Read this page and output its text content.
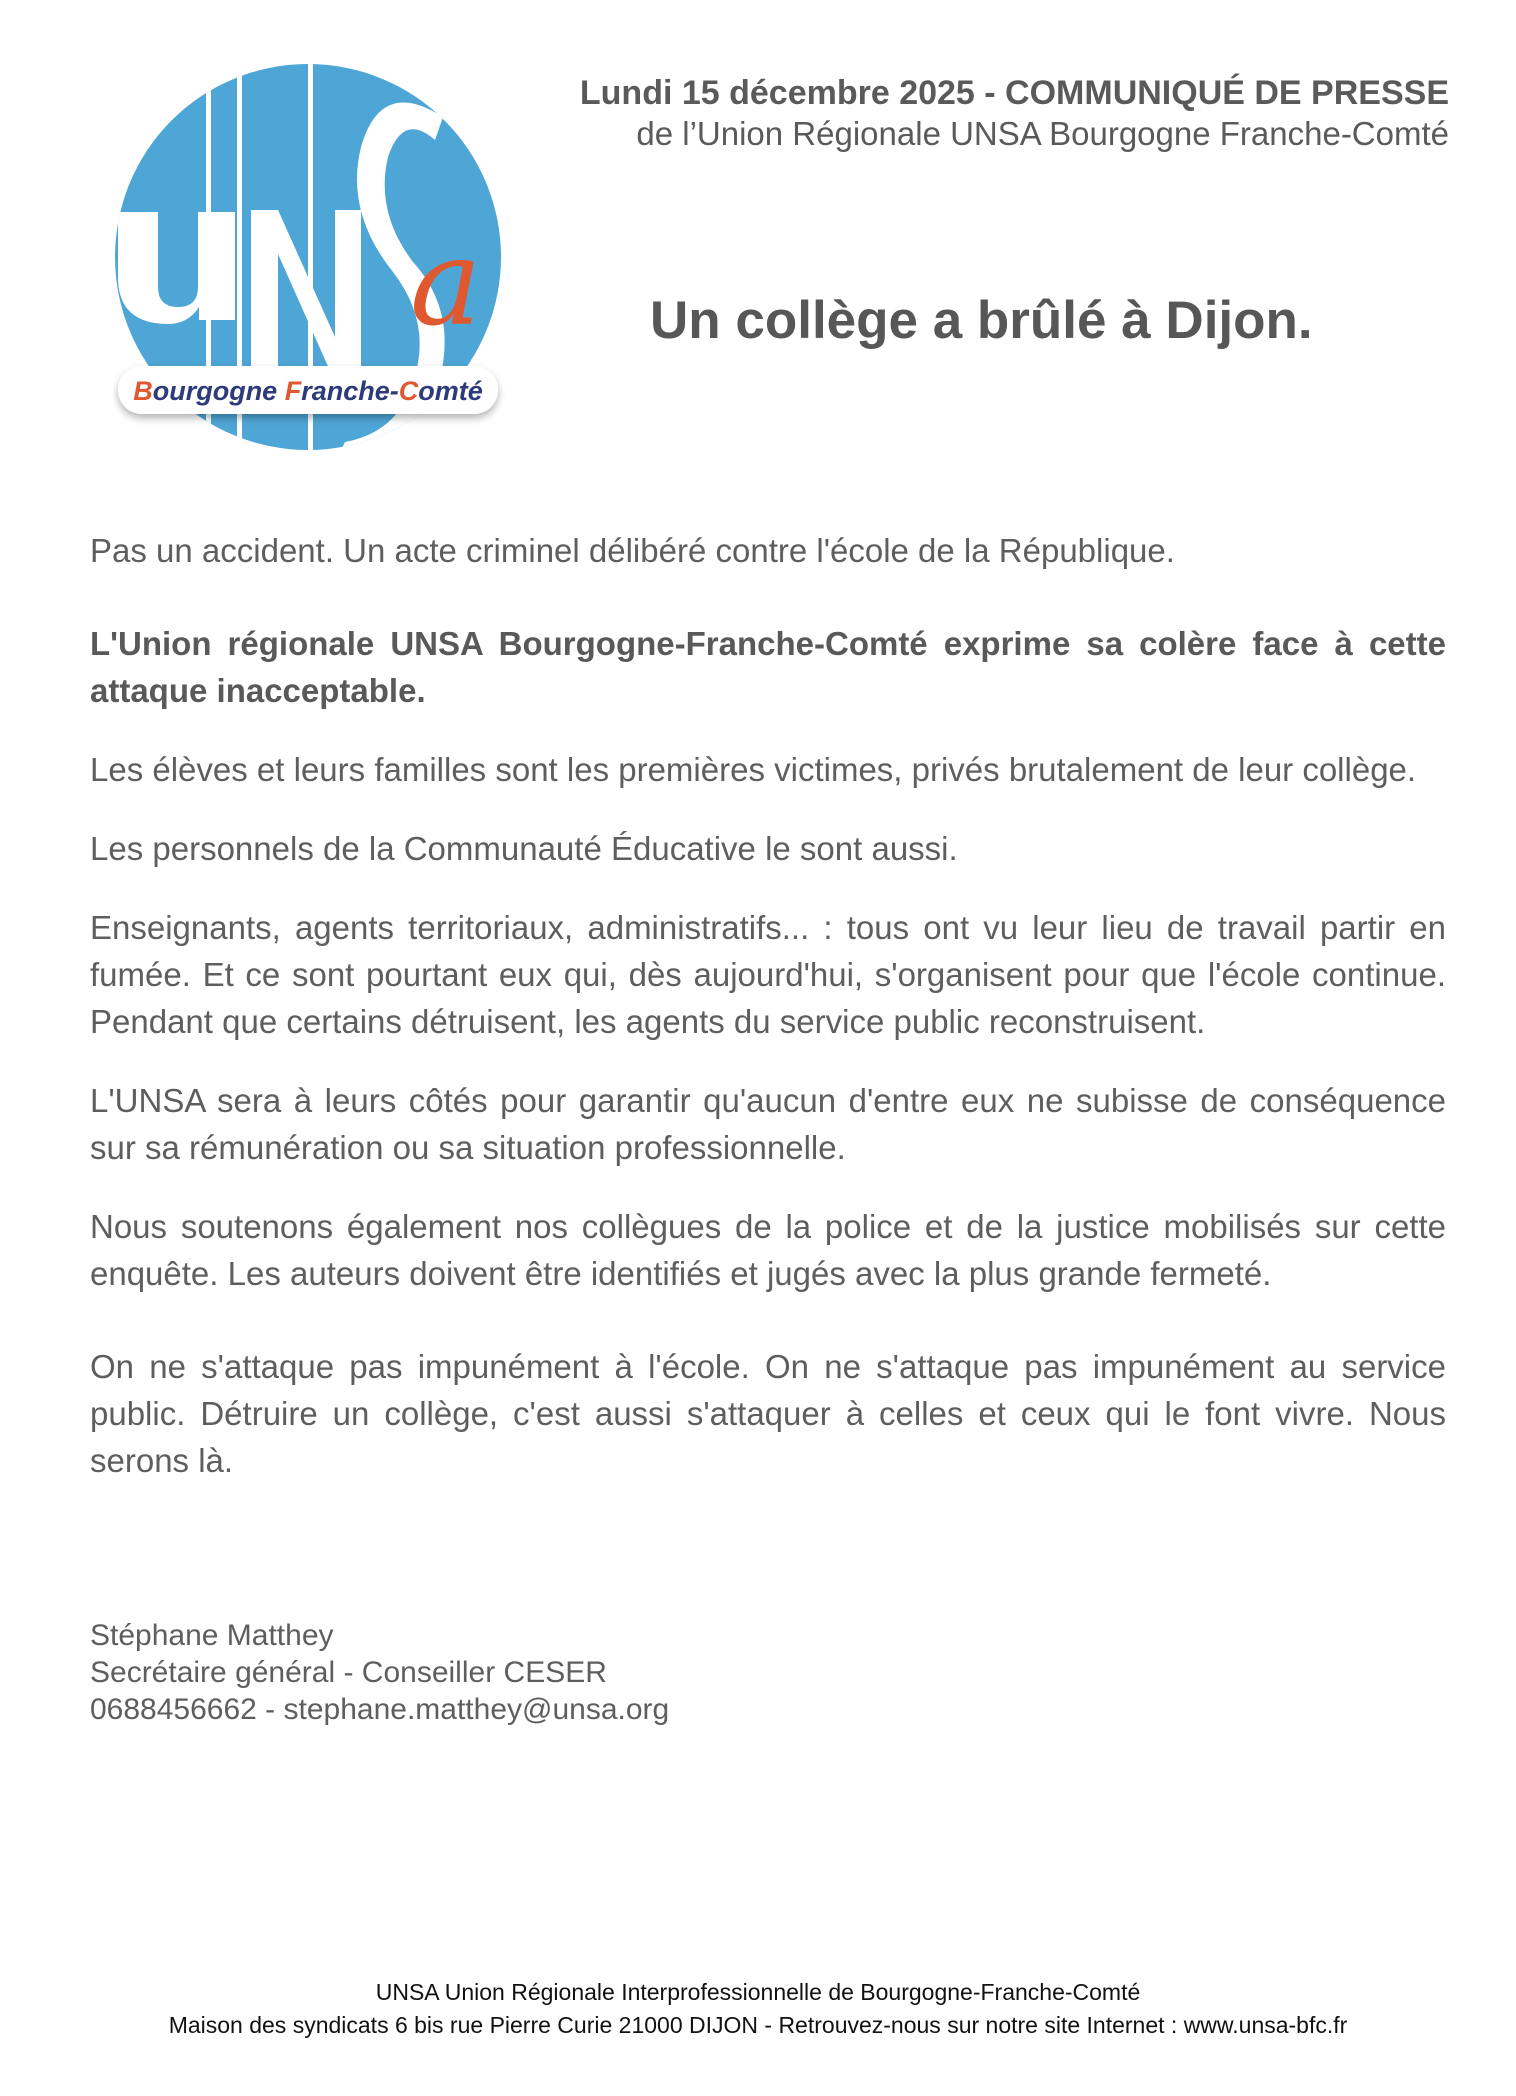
a
Bourgogne Franche-Comté

Lundi 15 décembre 2025 - COMMUNIQUÉ DE PRESSE

de l’Union Régionale UNSA Bourgogne Franche-Comté

Un collège a brûlé à Dijon.

Pas un accident. Un acte criminel délibéré contre l'école de la République.

L'Union régionale UNSA Bourgogne-Franche-Comté exprime sa colère face à cette attaque inacceptable.

Les élèves et leurs familles sont les premières victimes, privés brutalement de leur collège.

Les personnels de la Communauté Éducative le sont aussi.

Enseignants, agents territoriaux, administratifs... : tous ont vu leur lieu de travail partir en fumée. Et ce sont pourtant eux qui, dès aujourd'hui, s'organisent pour que l'école continue. Pendant que certains détruisent, les agents du service public reconstruisent.

L'UNSA sera à leurs côtés pour garantir qu'aucun d'entre eux ne subisse de conséquence sur sa rémunération ou sa situation professionnelle.

Nous soutenons également nos collègues de la police et de la justice mobilisés sur cette enquête. Les auteurs doivent être identifiés et jugés avec la plus grande fermeté.

On ne s'attaque pas impunément à l'école. On ne s'attaque pas impunément au service public. Détruire un collège, c'est aussi s'attaquer à celles et ceux qui le font vivre. Nous serons là.

Stéphane Matthey
Secrétaire général - Conseiller CESER
0688456662 - stephane.matthey@unsa.org
UNSA Union Régionale Interprofessionnelle de Bourgogne-Franche-Comté
Maison des syndicats 6 bis rue Pierre Curie 21000 DIJON - Retrouvez-nous sur notre site Internet : www.unsa-bfc.fr
